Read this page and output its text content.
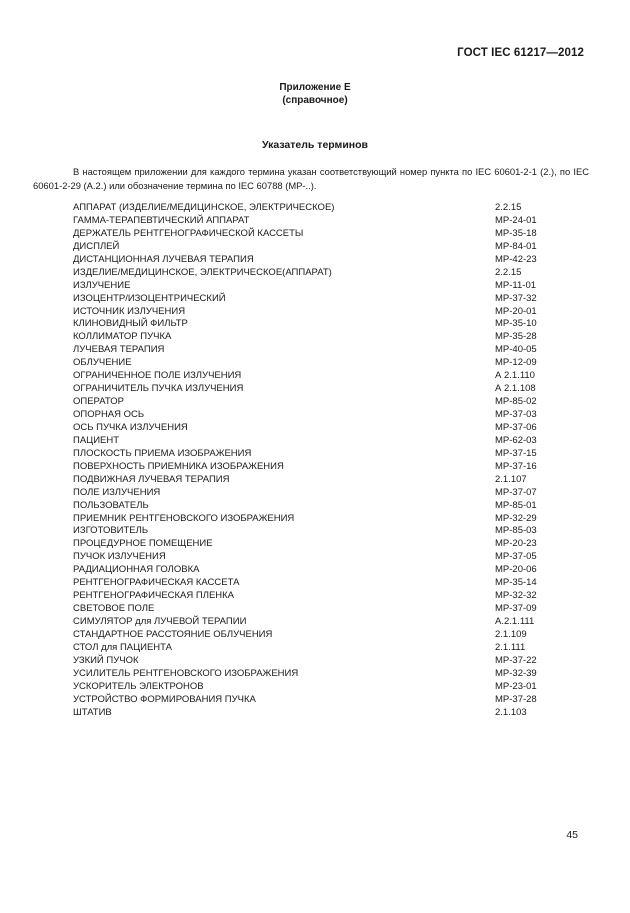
ГОСТ IEC 61217—2012
Приложение Е
(справочное)
Указатель терминов
В настоящем приложении для каждого термина указан соответствующий номер пункта по IEC 60601-2-1 (2.), по IEC 60601-2-29 (А.2.) или обозначение термина по IEC 60788 (МР-..).
АППАРАТ (ИЗДЕЛИЕ/МЕДИЦИНСКОЕ, ЭЛЕКТРИЧЕСКОЕ)	2.2.15
ГАММА-ТЕРАПЕВТИЧЕСКИЙ АППАРАТ	МР-24-01
ДЕРЖАТЕЛЬ РЕНТГЕНОГРАФИЧЕСКОЙ КАССЕТЫ	МР-35-18
ДИСПЛЕЙ	МР-84-01
ДИСТАНЦИОННАЯ ЛУЧЕВАЯ ТЕРАПИЯ	МР-42-23
ИЗДЕЛИЕ/МЕДИЦИНСКОЕ, ЭЛЕКТРИЧЕСКОЕ(АППАРАТ)	2.2.15
ИЗЛУЧЕНИЕ	МР-11-01
ИЗОЦЕНТР/ИЗОЦЕНТРИЧЕСКИЙ	МР-37-32
ИСТОЧНИК ИЗЛУЧЕНИЯ	МР-20-01
КЛИНОВИДНЫЙ ФИЛЬТР	МР-35-10
КОЛЛИМАТОР ПУЧКА	МР-35-28
ЛУЧЕВАЯ ТЕРАПИЯ	МР-40-05
ОБЛУЧЕНИЕ	МР-12-09
ОГРАНИЧЕННОЕ ПОЛЕ ИЗЛУЧЕНИЯ	А 2.1.110
ОГРАНИЧИТЕЛЬ ПУЧКА ИЗЛУЧЕНИЯ	А 2.1.108
ОПЕРАТОР	МР-85-02
ОПОРНАЯ ОСЬ	МР-37-03
ОСЬ ПУЧКА ИЗЛУЧЕНИЯ	МР-37-06
ПАЦИЕНТ	МР-62-03
ПЛОСКОСТЬ ПРИЕМА ИЗОБРАЖЕНИЯ	МР-37-15
ПОВЕРХНОСТЬ ПРИЕМНИКА ИЗОБРАЖЕНИЯ	МР-37-16
ПОДВИЖНАЯ ЛУЧЕВАЯ ТЕРАПИЯ	2.1.107
ПОЛЕ ИЗЛУЧЕНИЯ	МР-37-07
ПОЛЬЗОВАТЕЛЬ	МР-85-01
ПРИЕМНИК РЕНТГЕНОВСКОГО ИЗОБРАЖЕНИЯ	МР-32-29
ИЗГОТОВИТЕЛЬ	МР-85-03
ПРОЦЕДУРНОЕ ПОМЕЩЕНИЕ	МР-20-23
ПУЧОК ИЗЛУЧЕНИЯ	МР-37-05
РАДИАЦИОННАЯ ГОЛОВКА	МР-20-06
РЕНТГЕНОГРАФИЧЕСКАЯ КАССЕТА	МР-35-14
РЕНТГЕНОГРАФИЧЕСКАЯ ПЛЕНКА	МР-32-32
СВЕТОВОЕ ПОЛЕ	МР-37-09
СИМУЛЯТОР для ЛУЧЕВОЙ ТЕРАПИИ	А.2.1.111
СТАНДАРТНОЕ РАССТОЯНИЕ ОБЛУЧЕНИЯ	2.1.109
СТОЛ для ПАЦИЕНТА	2.1.111
УЗКИЙ ПУЧОК	МР-37-22
УСИЛИТЕЛЬ РЕНТГЕНОВСКОГО ИЗОБРАЖЕНИЯ	МР-32-39
УСКОРИТЕЛЬ ЭЛЕКТРОНОВ	МР-23-01
УСТРОЙСТВО ФОРМИРОВАНИЯ ПУЧКА	МР-37-28
ШТАТИВ	2.1.103
45
